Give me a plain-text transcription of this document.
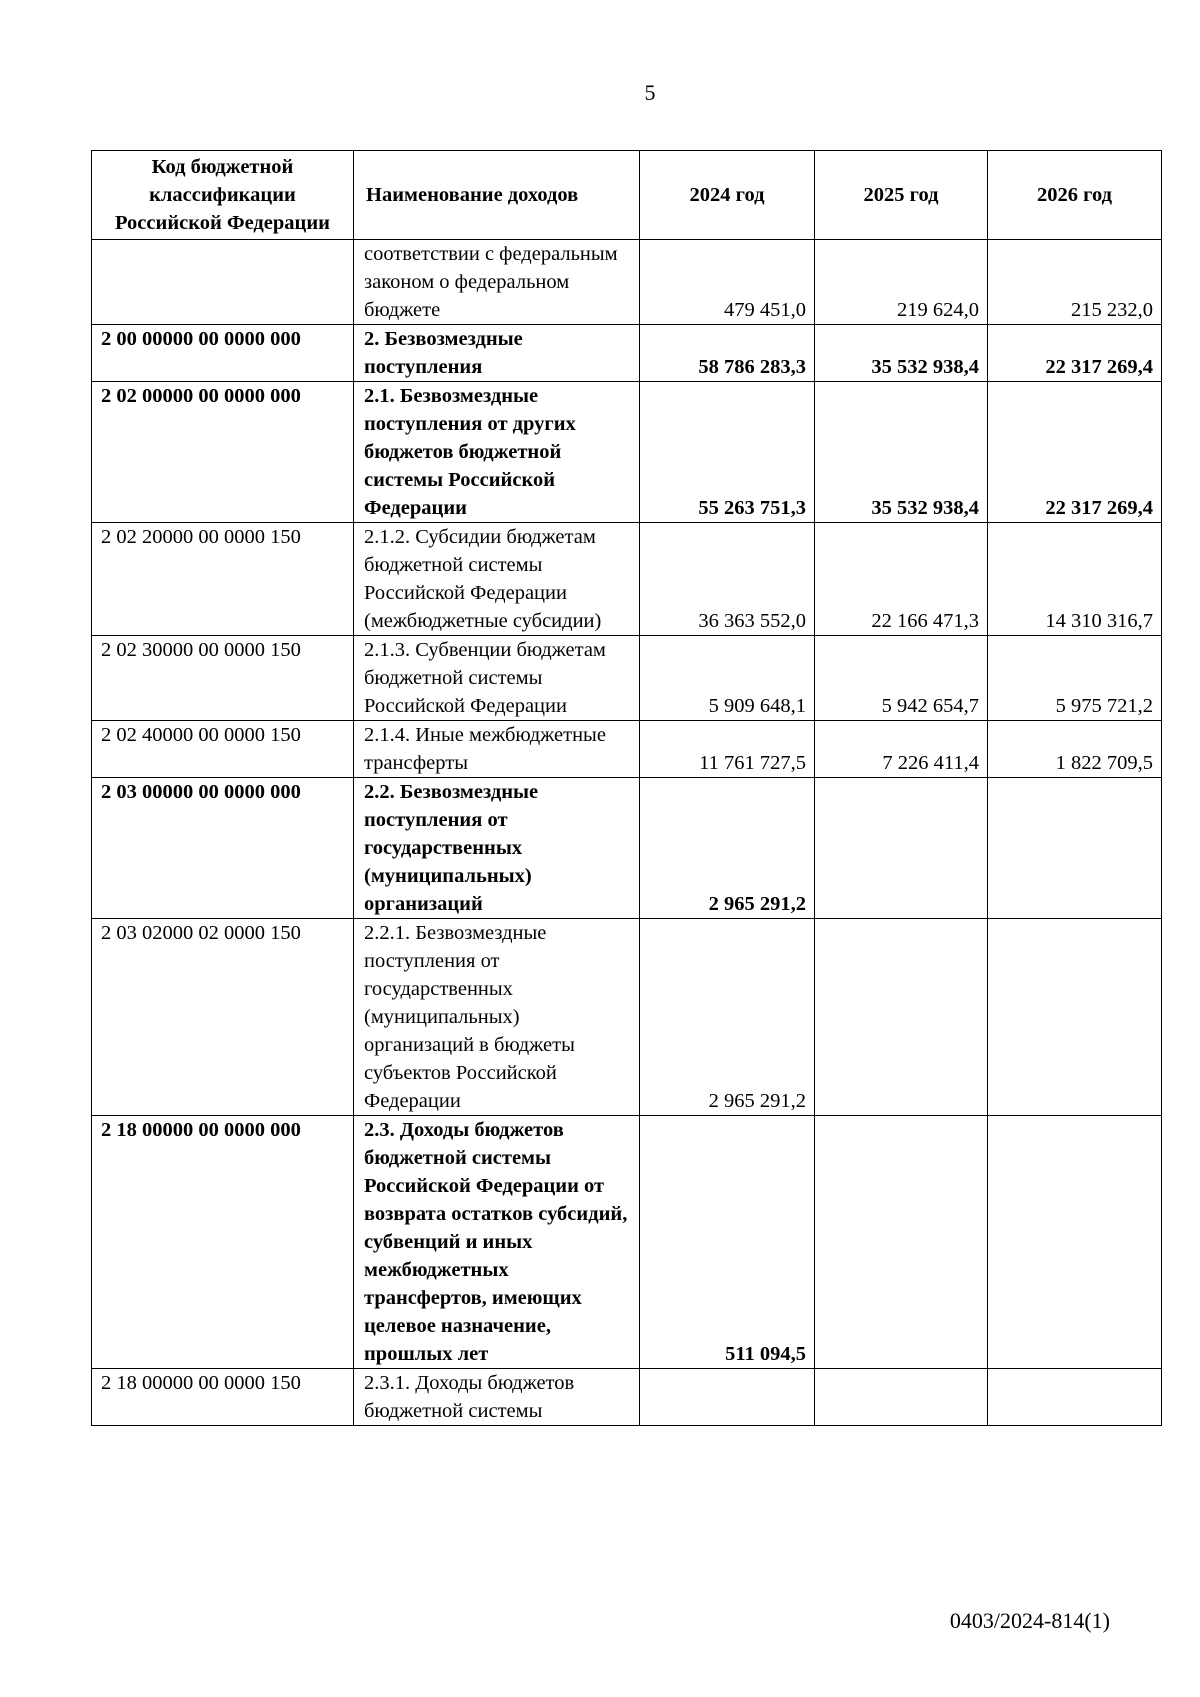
5
Код бюджетной классификации Российской Федерации	Наименование доходов	2024 год	2025 год	2026 год
	соответствии с федеральным законом о федеральном бюджете	479 451,0	219 624,0	215 232,0
2 00 00000 00 0000 000	2. Безвозмездные поступления	58 786 283,3	35 532 938,4	22 317 269,4
2 02 00000 00 0000 000	2.1. Безвозмездные поступления от других бюджетов бюджетной системы Российской Федерации	55 263 751,3	35 532 938,4	22 317 269,4
2 02 20000 00 0000 150	2.1.2. Субсидии бюджетам бюджетной системы Российской Федерации (межбюджетные субсидии)	36 363 552,0	22 166 471,3	14 310 316,7
2 02 30000 00 0000 150	2.1.3. Субвенции бюджетам бюджетной системы Российской Федерации	5 909 648,1	5 942 654,7	5 975 721,2
2 02 40000 00 0000 150	2.1.4. Иные межбюджетные трансферты	11 761 727,5	7 226 411,4	1 822 709,5
2 03 00000 00 0000 000	2.2. Безвозмездные поступления от государственных (муниципальных) организаций	2 965 291,2		
2 03 02000 02 0000 150	2.2.1. Безвозмездные поступления от государственных (муниципальных) организаций в бюджеты субъектов Российской Федерации	2 965 291,2		
2 18 00000 00 0000 000	2.3. Доходы бюджетов бюджетной системы Российской Федерации от возврата остатков субсидий, субвенций и иных межбюджетных трансфертов, имеющих целевое назначение, прошлых лет	511 094,5		
2 18 00000 00 0000 150	2.3.1. Доходы бюджетов бюджетной системы			
0403/2024-814(1)
